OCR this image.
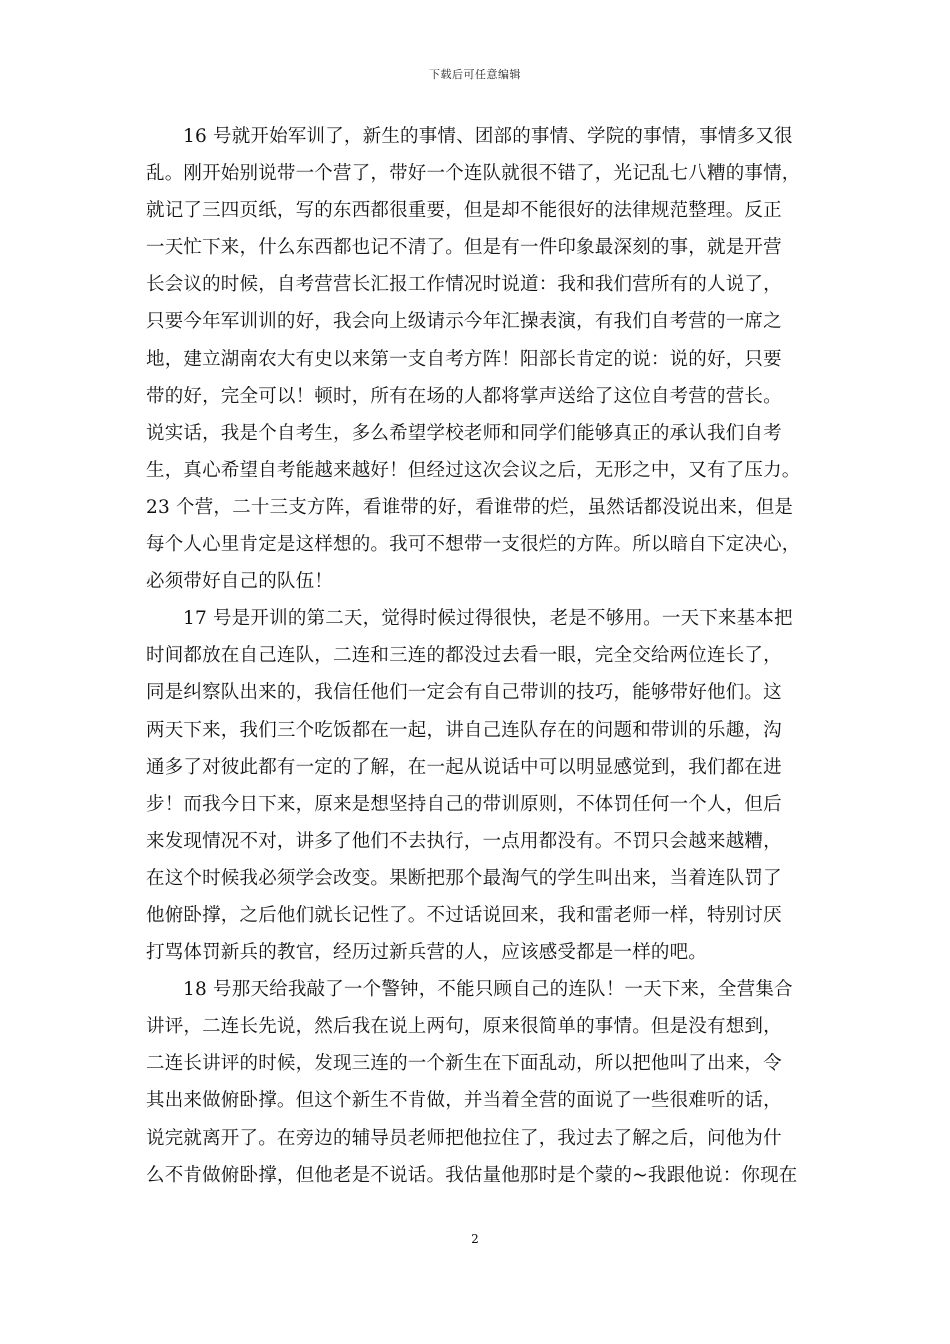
下载后可任意编辑
16 号就开始军训了，新生的事情、团部的事情、学院的事情，事情多又很
乱。刚开始别说带一个营了，带好一个连队就很不错了，光记乱七八糟的事情，
就记了三四页纸，写的东西都很重要，但是却不能很好的法律规范整理。反正
一天忙下来，什么东西都也记不清了。但是有一件印象最深刻的事，就是开营
长会议的时候，自考营营长汇报工作情况时说道：我和我们营所有的人说了，
只要今年军训训的好，我会向上级请示今年汇操表演，有我们自考营的一席之
地，建立湖南农大有史以来第一支自考方阵！阳部长肯定的说：说的好，只要
带的好，完全可以！顿时，所有在场的人都将掌声送给了这位自考营的营长。
说实话，我是个自考生，多么希望学校老师和同学们能够真正的承认我们自考
生，真心希望自考能越来越好！但经过这次会议之后，无形之中，又有了压力。
23 个营，二十三支方阵，看谁带的好，看谁带的烂，虽然话都没说出来，但是
每个人心里肯定是这样想的。我可不想带一支很烂的方阵。所以暗自下定决心，
必须带好自己的队伍！
17 号是开训的第二天，觉得时候过得很快，老是不够用。一天下来基本把
时间都放在自己连队，二连和三连的都没过去看一眼，完全交给两位连长了，
同是纠察队出来的，我信任他们一定会有自己带训的技巧，能够带好他们。这
两天下来，我们三个吃饭都在一起，讲自己连队存在的问题和带训的乐趣，沟
通多了对彼此都有一定的了解，在一起从说话中可以明显感觉到，我们都在进
步！而我今日下来，原来是想坚持自己的带训原则，不体罚任何一个人，但后
来发现情况不对，讲多了他们不去执行，一点用都没有。不罚只会越来越糟，
在这个时候我必须学会改变。果断把那个最淘气的学生叫出来，当着连队罚了
他俯卧撑，之后他们就长记性了。不过话说回来，我和雷老师一样，特别讨厌
打骂体罚新兵的教官，经历过新兵营的人，应该感受都是一样的吧。
18 号那天给我敲了一个警钟，不能只顾自己的连队！一天下来，全营集合
讲评，二连长先说，然后我在说上两句，原来很简单的事情。但是没有想到，
二连长讲评的时候，发现三连的一个新生在下面乱动，所以把他叫了出来，令
其出来做俯卧撑。但这个新生不肯做，并当着全营的面说了一些很难听的话，
说完就离开了。在旁边的辅导员老师把他拉住了，我过去了解之后，问他为什
么不肯做俯卧撑，但他老是不说话。我估量他那时是个蒙的~我跟他说：你现在
2
